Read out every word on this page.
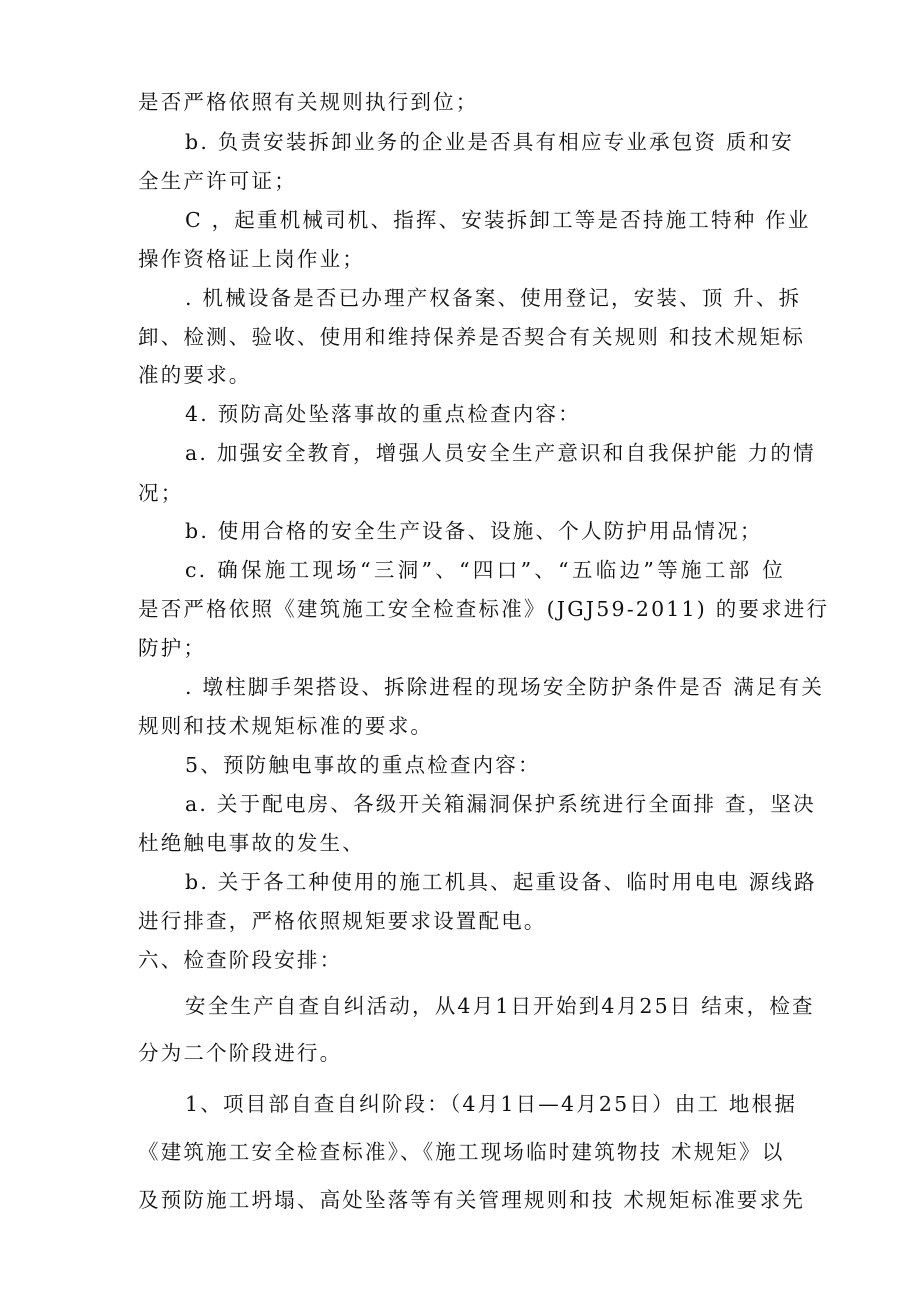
是否严格依照有关规则执行到位；
b. 负责安装拆卸业务的企业是否具有相应专业承包资 质和安
全生产许可证；
C ，起重机械司机、指挥、安装拆卸工等是否持施工特种 作业
操作资格证上岗作业；
. 机械设备是否已办理产权备案、使用登记，安装、顶 升、拆
卸、检测、验收、使用和维持保养是否契合有关规则 和技术规矩标
准的要求。
4. 预防高处坠落事故的重点检查内容：
a. 加强安全教育，增强人员安全生产意识和自我保护能 力的情
况；
b. 使用合格的安全生产设备、设施、个人防护用品情况；
c. 确保施工现场“三洞”、“四口”、“五临边”等施工部 位
是否严格依照《建筑施工安全检查标准》(JGJ59-2011) 的要求进行
防护；
. 墩柱脚手架搭设、拆除进程的现场安全防护条件是否 满足有关
规则和技术规矩标准的要求。
5、预防触电事故的重点检查内容：
a. 关于配电房、各级开关箱漏洞保护系统进行全面排 查，坚决
杜绝触电事故的发生、
b. 关于各工种使用的施工机具、起重设备、临时用电电 源线路
进行排查，严格依照规矩要求设置配电。
六、检查阶段安排：
安全生产自查自纠活动，从4月1日开始到4月25日 结束，检查
分为二个阶段进行。
1、项目部自查自纠阶段：（4月1日—4月25日）由工 地根据
《建筑施工安全检查标准》、《施工现场临时建筑物技 术规矩》以
及预防施工坍塌、高处坠落等有关管理规则和技 术规矩标准要求先
